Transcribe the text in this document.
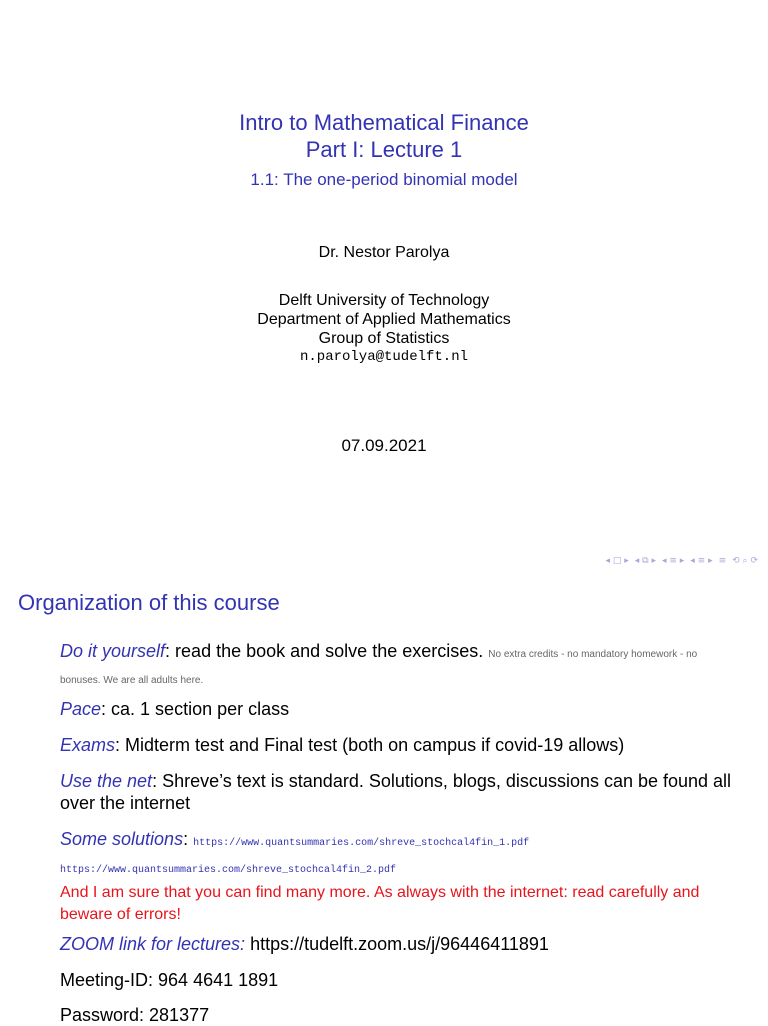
Intro to Mathematical Finance
Part I: Lecture 1
1.1: The one-period binomial model
Dr. Nestor Parolya
Delft University of Technology
Department of Applied Mathematics
Group of Statistics
n.parolya@tudelft.nl
07.09.2021
◂ □ ▸ ◂ ⧉ ▸ ◂ ≡ ▸ ◂ ≡ ▸ ≡ ⟲ ⌕ ⟳
Organization of this course
Do it yourself: read the book and solve the exercises. No extra credits - no mandatory homework - no bonuses. We are all adults here.
Pace: ca. 1 section per class
Exams: Midterm test and Final test (both on campus if covid-19 allows)
Use the net: Shreve’s text is standard. Solutions, blogs, discussions can be found all over the internet
Some solutions: https://www.quantsummaries.com/shreve_stochcal4fin_1.pdf
https://www.quantsummaries.com/shreve_stochcal4fin_2.pdf
And I am sure that you can find many more. As always with the internet: read carefully and beware of errors!
ZOOM link for lectures: https://tudelft.zoom.us/j/96446411891
Meeting-ID: 964 4641 1891
Password: 281377
